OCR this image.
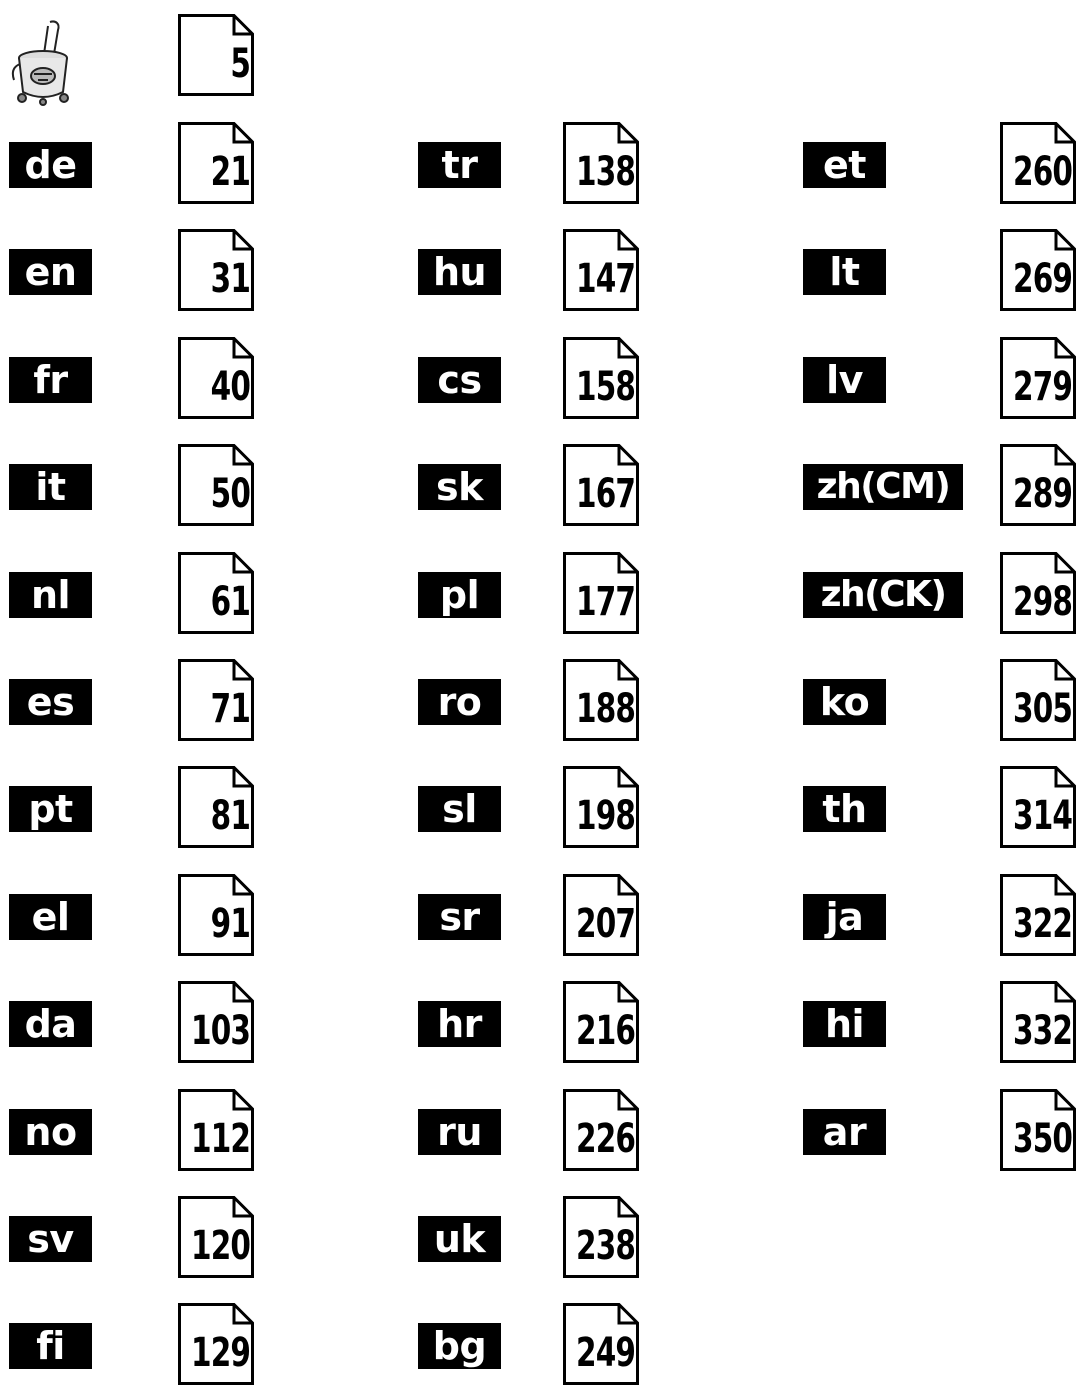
5
de	21
en	31
fr	40
it	50
nl	61
es	71
pt	81
el	91
da	103
no	112
sv	120
fi	129
tr	138
hu	147
cs	158
sk	167
pl	177
ro	188
sl	198
sr	207
hr	216
ru	226
uk	238
bg	249
et	260
lt	269
lv	279
zh(CM)	289
zh(CK)	298
ko	305
th	314
ja	322
hi	332
ar	350
